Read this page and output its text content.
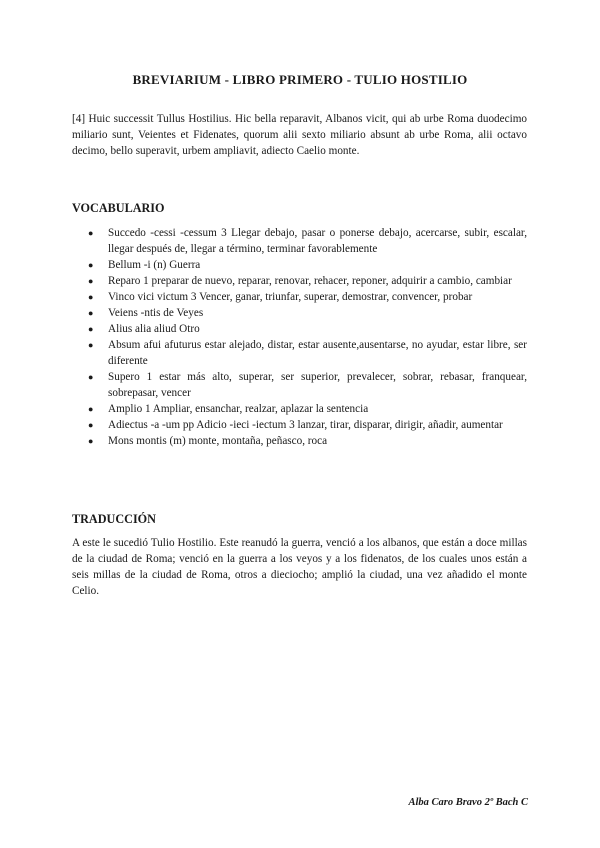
BREVIARIUM - LIBRO PRIMERO - TULIO HOSTILIO

[4] Huic successit Tullus Hostilius. Hic bella reparavit, Albanos vicit, qui ab urbe Roma duodecimo miliario sunt, Veientes et Fidenates, quorum alii sexto miliario absunt ab urbe Roma, alii octavo decimo, bello superavit, urbem ampliavit, adiecto Caelio monte.

VOCABULARIO
● Succedo -cessi -cessum 3 Llegar debajo, pasar o ponerse debajo, acercarse, subir, escalar, llegar después de, llegar a término, terminar favorablemente
● Bellum -i (n) Guerra
● Reparo 1 preparar de nuevo, reparar, renovar, rehacer, reponer, adquirir a cambio, cambiar
● Vinco vici victum 3 Vencer, ganar, triunfar, superar, demostrar, convencer, probar
● Veiens -ntis de Veyes
● Alius alia aliud Otro
● Absum afui afuturus estar alejado, distar, estar ausente,ausentarse, no ayudar, estar libre, ser diferente
● Supero 1 estar más alto, superar, ser superior, prevalecer, sobrar, rebasar, franquear, sobrepasar, vencer
● Amplio 1 Ampliar, ensanchar, realzar, aplazar la sentencia
● Adiectus -a -um pp Adicio -ieci -iectum 3 lanzar, tirar, disparar, dirigir, añadir, aumentar
● Mons montis (m) monte, montaña, peñasco, roca
TRADUCCIÓN

A este le sucedió Tulio Hostilio. Este reanudó la guerra, venció a los albanos, que están a doce millas de la ciudad de Roma; venció en la guerra a los veyos y a los fidenatos, de los cuales unos están a seis millas de la ciudad de Roma, otros a dieciocho; amplió la ciudad, una vez añadido el monte Celio.

Alba Caro Bravo 2º Bach C
